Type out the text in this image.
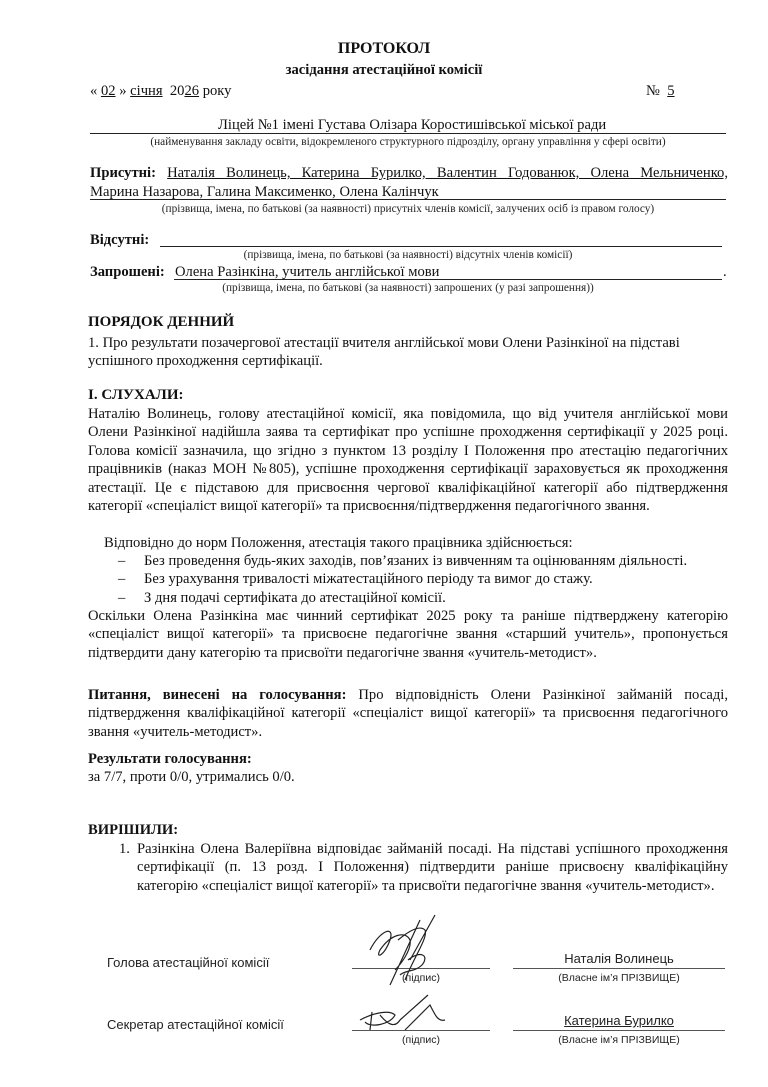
ПРОТОКОЛ
засідання атестаційної комісії
« 02 » січня 2026 року	№ 5
Ліцей №1 імені Густава Олізара Коростишівської міської ради
(найменування закладу освіти, відокремленого структурного підрозділу, органу управління у сфері освіти)
Присутні: Наталія Волинець, Катерина Бурилко, Валентин Годованюк, Олена Мельниченко,
Марина Назарова, Галина Максименко, Олена Калінчук
(прізвища, імена, по батькові (за наявності) присутніх членів комісії, залучених осіб із правом голосу)
Відсутні:
(прізвища, імена, по батькові (за наявності) відсутніх членів комісії)
Запрошені: Олена Разінкіна, учитель англійської мови	.
(прізвища, імена, по батькові (за наявності) запрошених (у разі запрошення))
ПОРЯДОК ДЕННИЙ
1. Про результати позачергової атестації вчителя англійської мови Олени Разінкіної на підставі
успішного проходження сертифікації.
I. СЛУХАЛИ:
Наталію Волинець, голову атестаційної комісії, яка повідомила, що від учителя англійської мови Олени Разінкіної надійшла заява та сертифікат про успішне проходження сертифікації у 2025 році. Голова комісії зазначила, що згідно з пунктом 13 розділу I Положення про атестацію педагогічних працівників (наказ МОН №805), успішне проходження сертифікації зараховується як проходження атестації. Це є підставою для присвоєння чергової кваліфікаційної категорії або підтвердження категорії «спеціаліст вищої категорії» та присвоєння/підтвердження педагогічного звання.
Відповідно до норм Положення, атестація такого працівника здійснюється:
– Без проведення будь-яких заходів, пов’язаних із вивченням та оцінюванням діяльності.
– Без урахування тривалості міжатестаційного періоду та вимог до стажу.
– З дня подачі сертифіката до атестаційної комісії.
Оскільки Олена Разінкіна має чинний сертифікат 2025 року та раніше підтверджену категорію «спеціаліст вищої категорії» та присвоєне педагогічне звання «старший учитель», пропонується підтвердити дану категорію та присвоїти педагогічне звання «учитель-методист».
Питання, винесені на голосування: Про відповідність Олени Разінкіної займаній посаді, підтвердження кваліфікаційної категорії «спеціаліст вищої категорії» та присвоєння педагогічного звання «учитель-методист».
Результати голосування:
за 7/7, проти 0/0, утримались 0/0.
ВИРІШИЛИ:
1. Разінкіна Олена Валеріївна відповідає займаній посаді. На підставі успішного проходження сертифікації (п. 13 розд. I Положення) підтвердити раніше присвоєну кваліфікаційну категорію «спеціаліст вищої категорії» та присвоїти педагогічне звання «учитель-методист».
Голова атестаційної комісії
(підпис)
Наталія Волинець
(Власне ім’я ПРІЗВИЩЕ)
Секретар атестаційної комісії
(підпис)
Катерина Бурилко
(Власне ім’я ПРІЗВИЩЕ)
